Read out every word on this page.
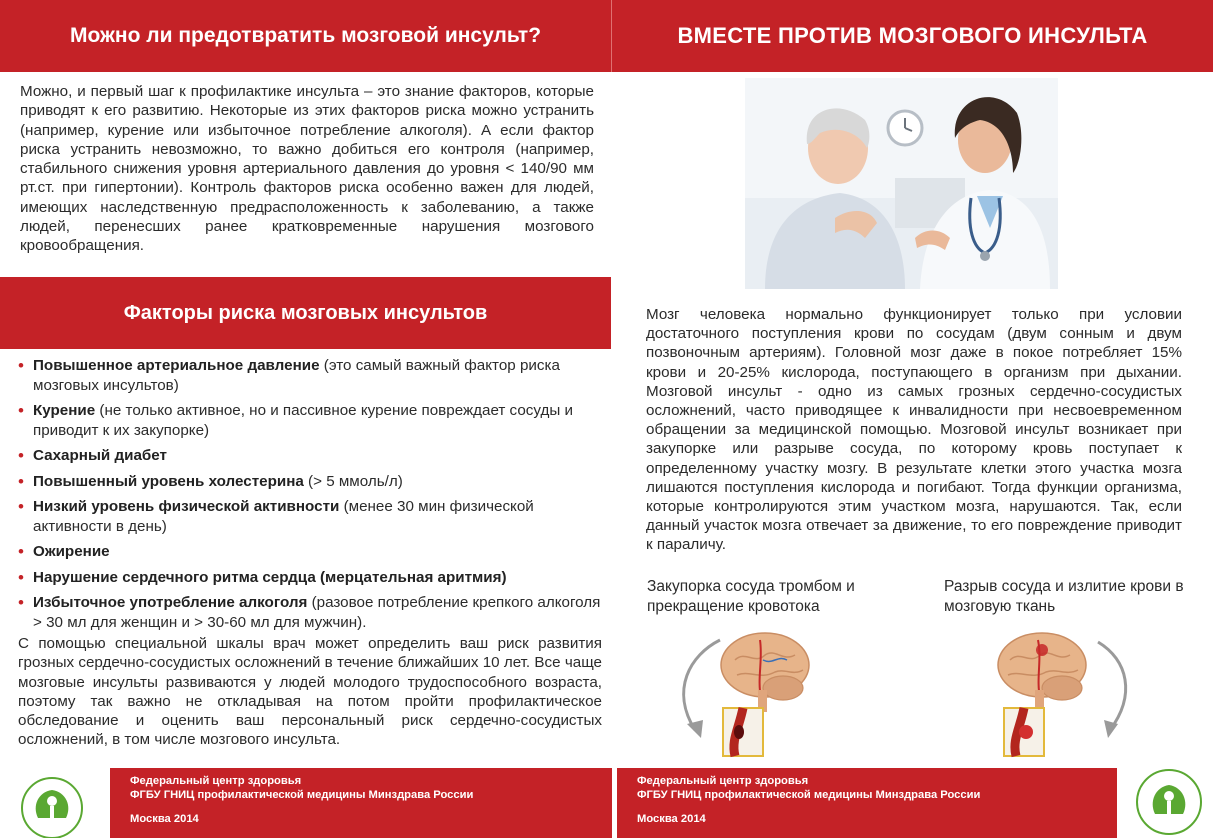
Можно ли предотвратить мозговой инсульт?	ВМЕСТЕ ПРОТИВ МОЗГОВОГО ИНСУЛЬТА

Можно, и первый шаг к профилактике инсульта – это знание факторов, которые приводят к его развитию. Некоторые из этих факторов риска можно устранить (например, курение или избыточное потребление алкоголя). А если фактор риска устранить невозможно, то важно добиться его контроля (например, стабильного снижения уровня артериального давления до уровня < 140/90 мм рт.ст. при гипертонии). Контроль факторов риска особенно важен для людей, имеющих наследственную предрасположенность к заболеванию, а также людей, перенесших ранее кратковременные нарушения мозгового кровообращения.

Факторы риска мозговых инсультов
• Повышенное артериальное давление (это самый важный фактор риска мозговых инсультов)
• Курение (не только активное, но и пассивное курение повреждает сосуды и приводит к их закупорке)
• Сахарный диабет
• Повышенный уровень холестерина (> 5 ммоль/л)
• Низкий уровень физической активности (менее 30 мин физической активности в день)
• Ожирение
• Нарушение сердечного ритма сердца (мерцательная аритмия)
• Избыточное употребление алкоголя (разовое потребление крепкого алкоголя > 30 мл для женщин и > 30-60 мл для мужчин).

С помощью специальной шкалы врач может определить ваш риск развития грозных сердечно-сосудистых осложнений в течение ближайших 10 лет. Все чаще мозговые инсульты развиваются у людей молодого трудоспособного возраста, поэтому так важно не откладывая на потом пройти профилактическое обследование и оценить ваш персональный риск сердечно-сосудистых осложнений, в том числе мозгового инсульта.

Мозг человека нормально функционирует только при условии достаточного поступления крови по сосудам (двум сонным и двум позвоночным артериям). Головной мозг даже в покое потребляет 15% крови и 20-25% кислорода, поступающего в организм при дыхании. Мозговой инсульт - одно из самых грозных сердечно-сосудистых осложнений, часто приводящее к инвалидности при несвоевременном обращении за медицинской помощью. Мозговой инсульт возникает при закупорке или разрыве сосуда, по которому кровь поступает к определенному участку мозгу. В результате клетки этого участка мозга лишаются поступления кислорода и погибают. Тогда функции организма, которые контролируются этим участком мозга, нарушаются. Так, если данный участок мозга отвечает за движение, то его повреждение приводит к параличу.

Закупорка сосуда тромбом и прекращение кровотока

Разрыв сосуда и излитие крови в мозговую ткань

Федеральный центр здоровья
ФГБУ ГНИЦ профилактической медицины Минздрава России
Москва 2014
Федеральный центр здоровья
ФГБУ ГНИЦ профилактической медицины Минздрава России
Москва 2014
